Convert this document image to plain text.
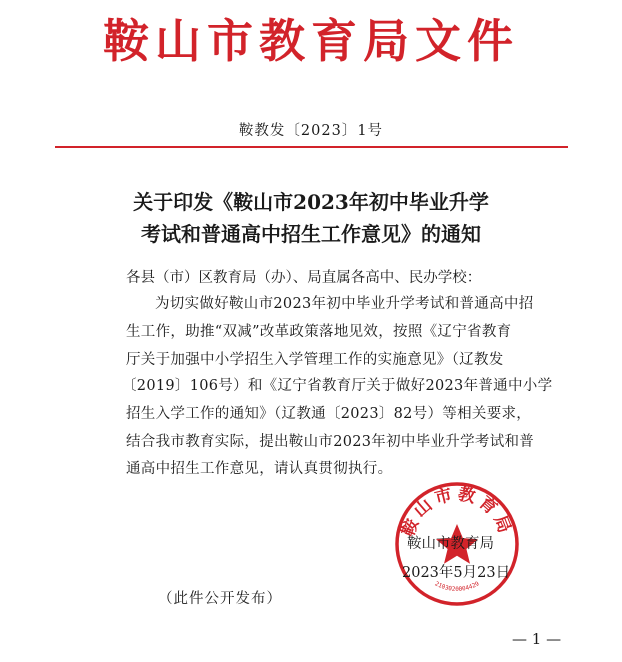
鞍山市教育局文件
鞍教发〔2023〕1号
关于印发《鞍山市2023年初中毕业升学
考试和普通高中招生工作意见》的通知
各县（市）区教育局（办）、局直属各高中、民办学校：
为切实做好鞍山市2023年初中毕业升学考试和普通高中招
生工作，助推“双减”改革政策落地见效，按照《辽宁省教育
厅关于加强中小学招生入学管理工作的实施意见》（辽教发
〔2019〕106号）和《辽宁省教育厅关于做好2023年普通中小学
招生入学工作的通知》（辽教通〔2023〕82号）等相关要求，
结合我市教育实际，提出鞍山市2023年初中毕业升学考试和普
通高中招生工作意见，请认真贯彻执行。
鞍山市教育局
2103020004429
鞍山市教育局
2023年5月23日
（此件公开发布）
— 1 —
